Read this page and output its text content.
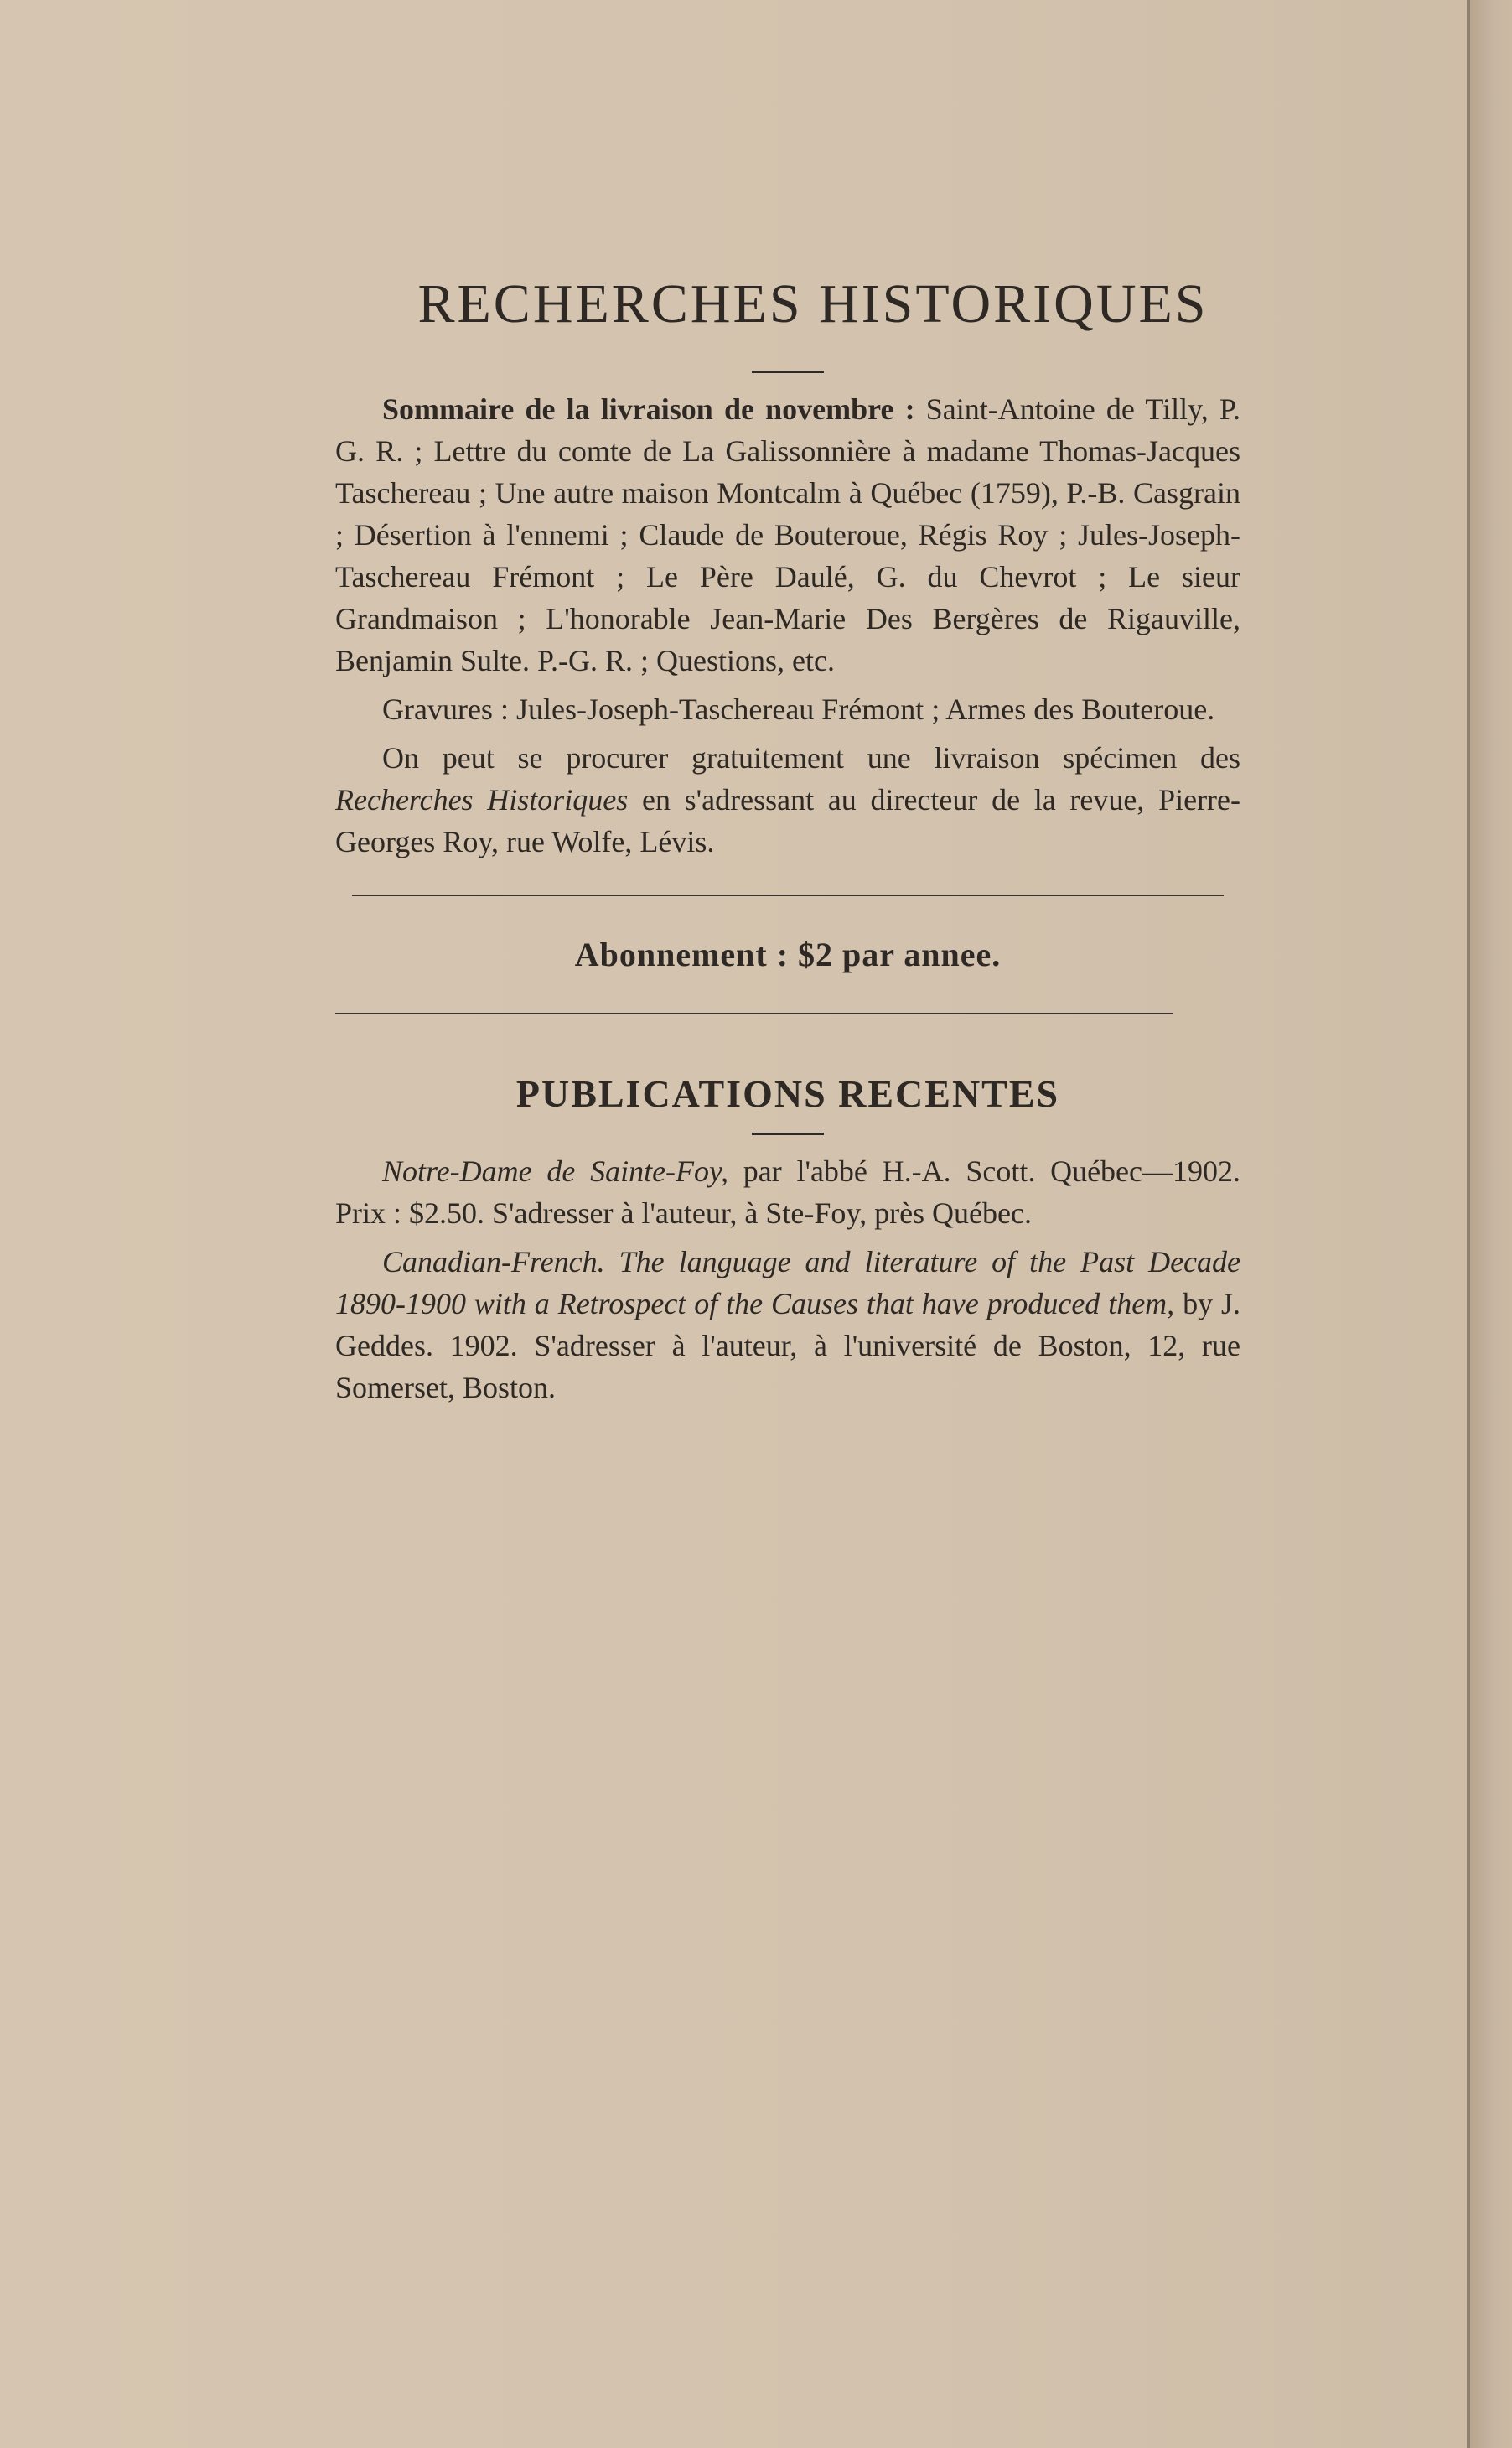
RECHERCHES HISTORIQUES

Sommaire de la livraison de novembre : Saint-Antoine de Tilly, P. G. R. ; Lettre du comte de La Galissonnière à madame Thomas-Jacques Taschereau ; Une autre maison Montcalm à Québec (1759), P.-B. Casgrain ; Désertion à l'ennemi ; Claude de Bouteroue, Régis Roy ; Jules-Joseph-Taschereau Frémont ; Le Père Daulé, G. du Chevrot ; Le sieur Grandmaison ; L'honorable Jean-Marie Des Bergères de Rigauville, Benjamin Sulte. P.-G. R. ; Questions, etc.

Gravures : Jules-Joseph-Taschereau Frémont ; Armes des Bouteroue.

On peut se procurer gratuitement une livraison spécimen des Recherches Historiques en s'adressant au directeur de la revue, Pierre-Georges Roy, rue Wolfe, Lévis.

Abonnement : $2 par annee.
PUBLICATIONS RECENTES

Notre-Dame de Sainte-Foy, par l'abbé H.-A. Scott. Québec—1902. Prix : $2.50. S'adresser à l'auteur, à Ste-Foy, près Québec.

Canadian-French. The language and literature of the Past Decade 1890-1900 with a Retrospect of the Causes that have produced them, by J. Geddes. 1902. S'adresser à l'auteur, à l'université de Boston, 12, rue Somerset, Boston.
